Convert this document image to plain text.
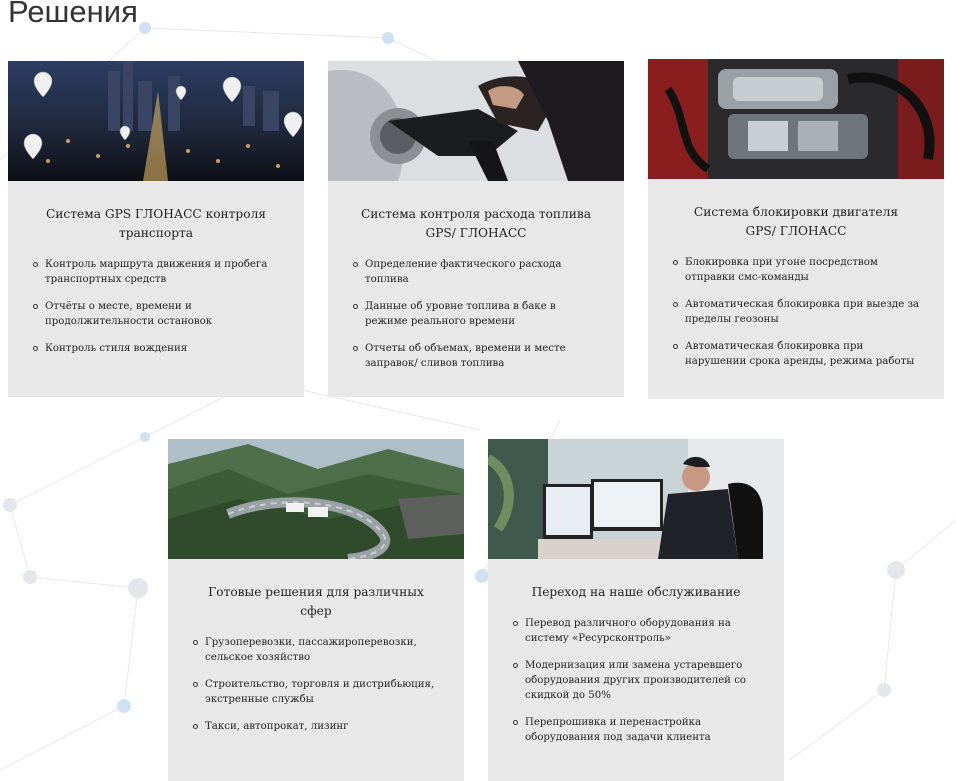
Решения
Система GPS ГЛОНАСС контроля транспорта
Контроль маршрута движения и пробега транспортных средств
Отчёты о месте, времени и продолжительности остановок
Контроль стиля вождения
Система контроля расхода топлива GPS/ ГЛОНАСС
Определение фактического расхода топлива
Данные об уровне топлива в баке в режиме реального времени
Отчеты об объемах, времени и месте заправок/ сливов топлива
Система блокировки двигателя GPS/ ГЛОНАСС
Блокировка при угоне посредством отправки смс-команды
Автоматическая блокировка при выезде за пределы геозоны
Автоматическая блокировка при нарушении срока аренды, режима работы
Готовые решения для различных сфер
Грузоперевозки, пассажироперевозки, сельское хозяйство
Строительство, торговля и дистрибьюция, экстренные службы
Такси, автопрокат, лизинг
Переход на наше обслуживание
Перевод различного оборудования на систему «Ресурсконтроль»
Модернизация или замена устаревшего оборудования других производителей со скидкой до 50%
Перепрошивка и перенастройка оборудования под задачи клиента
